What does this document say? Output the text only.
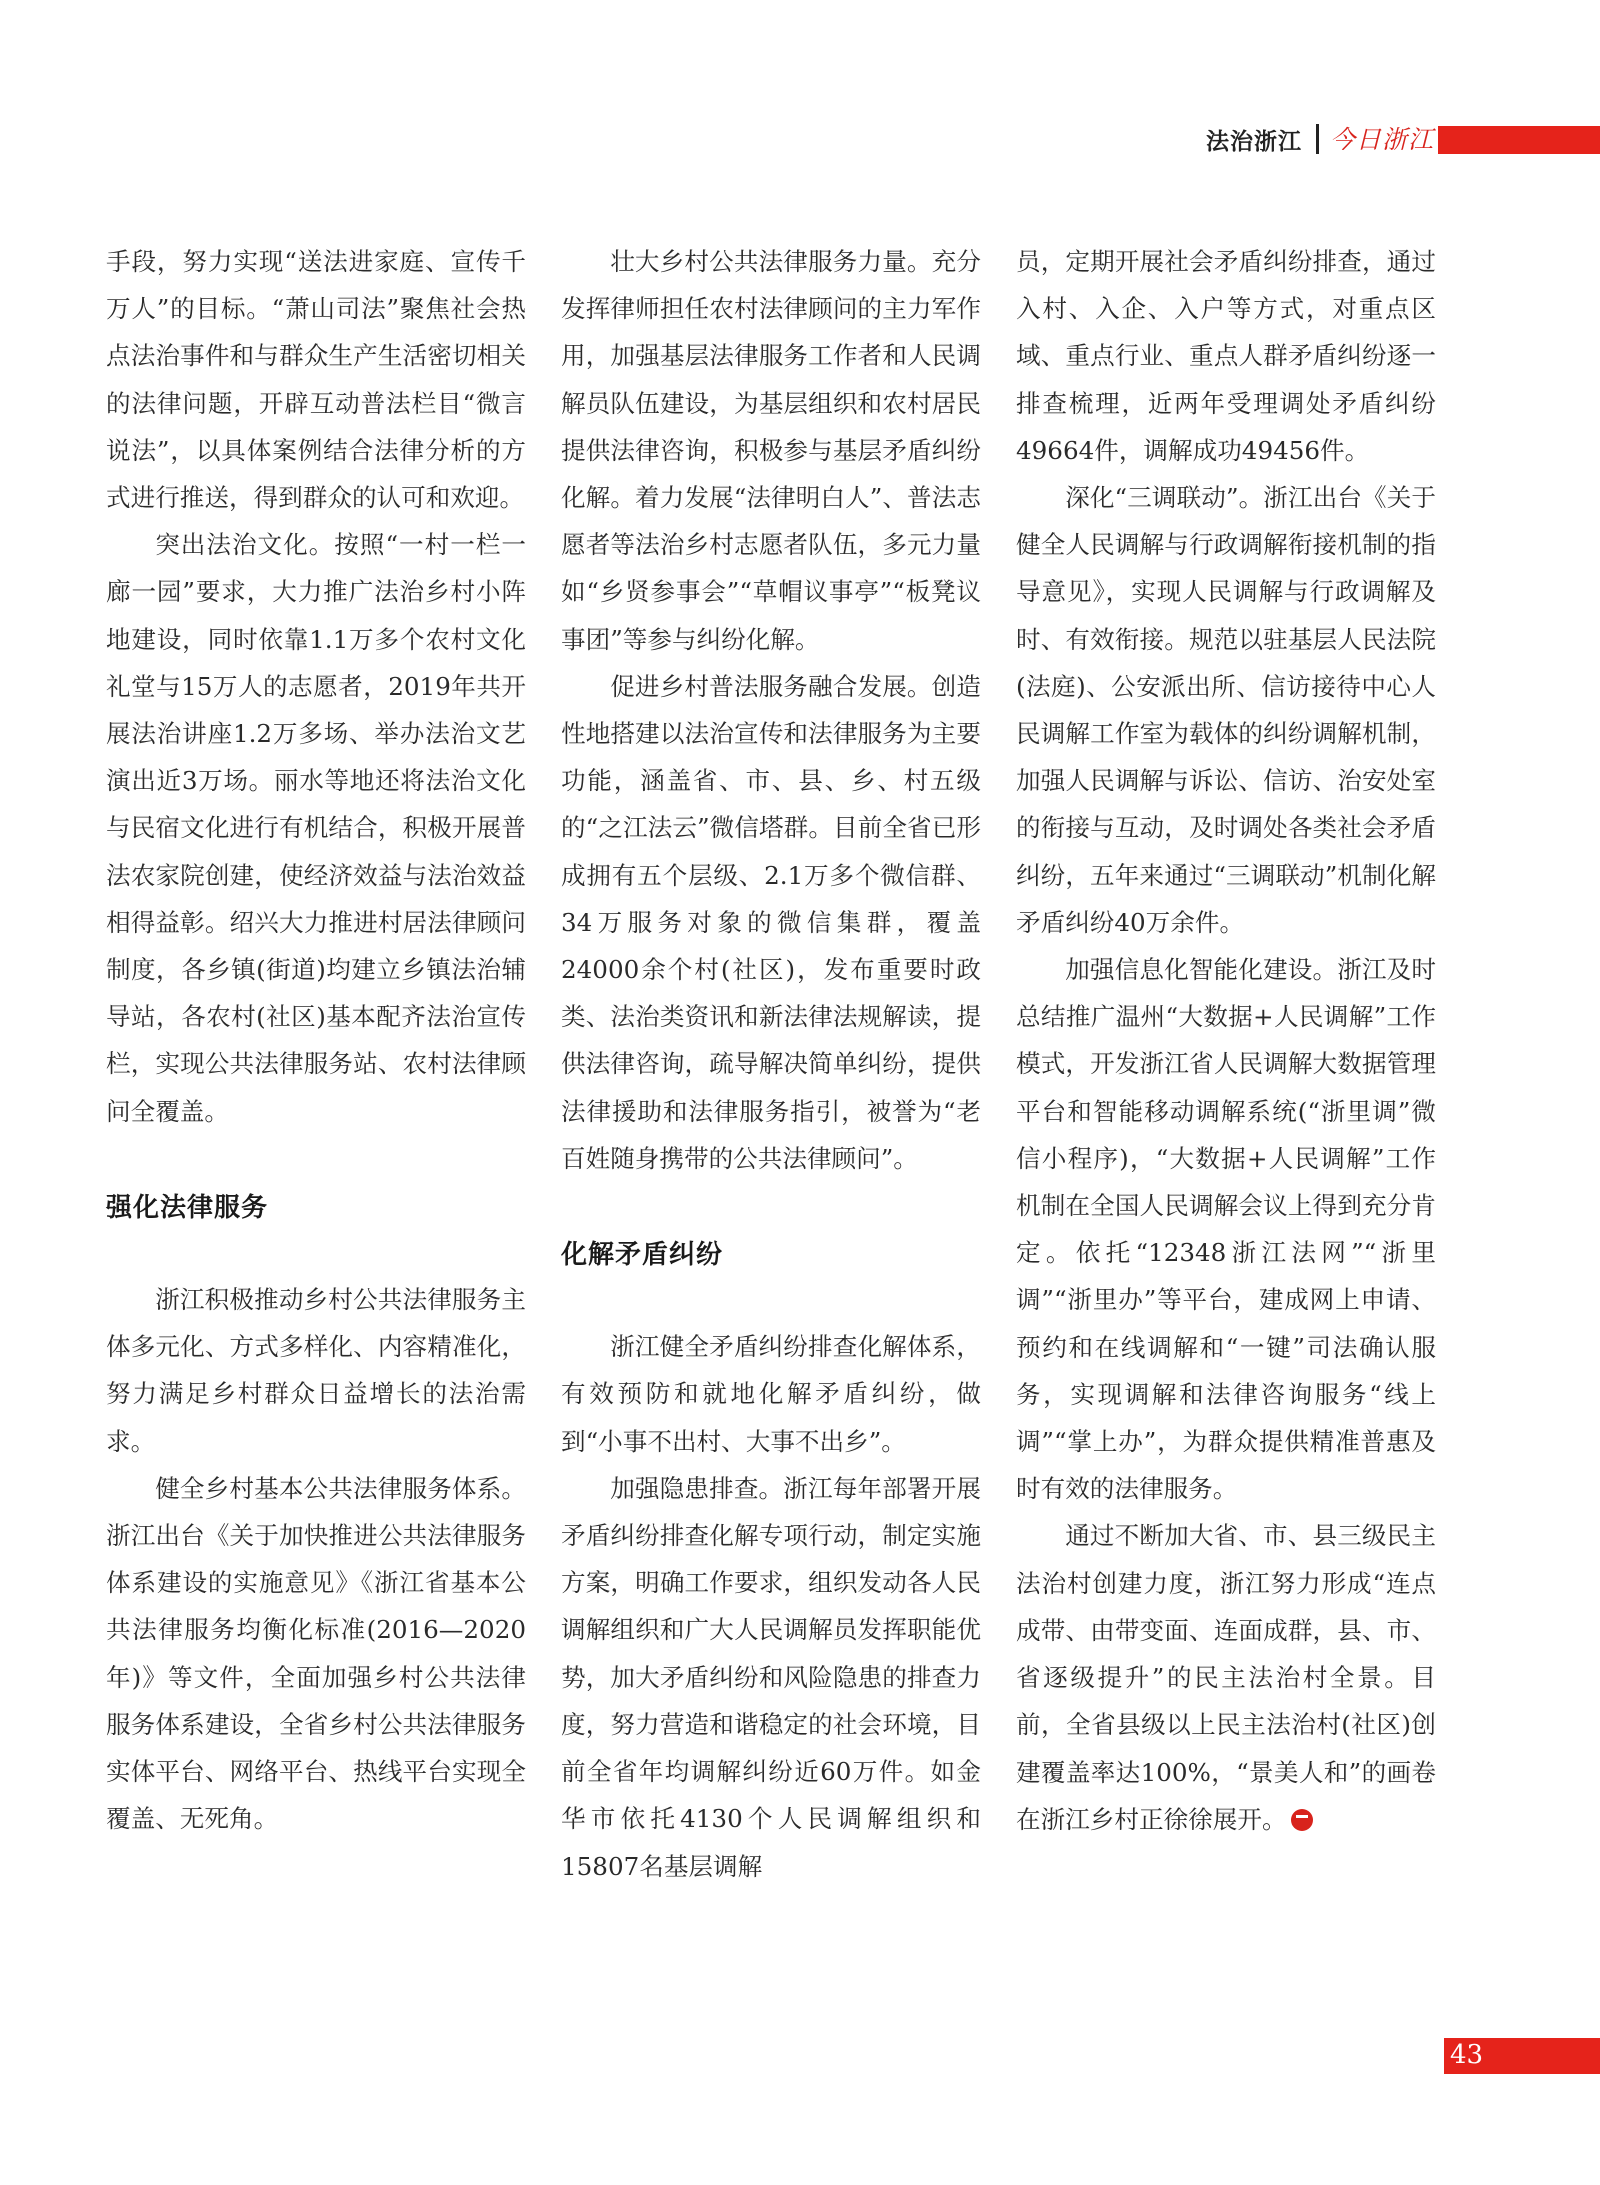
法治浙江 今日浙江

手段，努力实现“送法进家庭、宣传千万人”的目标。“萧山司法”聚焦社会热点法治事件和与群众生产生活密切相关的法律问题，开辟互动普法栏目“微言说法”，以具体案例结合法律分析的方式进行推送，得到群众的认可和欢迎。

突出法治文化。按照“一村一栏一廊一园”要求，大力推广法治乡村小阵地建设，同时依靠1.1万多个农村文化礼堂与15万人的志愿者，2019年共开展法治讲座1.2万多场、举办法治文艺演出近3万场。丽水等地还将法治文化与民宿文化进行有机结合，积极开展普法农家院创建，使经济效益与法治效益相得益彰。绍兴大力推进村居法律顾问制度，各乡镇(街道)均建立乡镇法治辅导站，各农村(社区)基本配齐法治宣传栏，实现公共法律服务站、农村法律顾问全覆盖。

强化法律服务

浙江积极推动乡村公共法律服务主体多元化、方式多样化、内容精准化，努力满足乡村群众日益增长的法治需求。

健全乡村基本公共法律服务体系。浙江出台《关于加快推进公共法律服务体系建设的实施意见》《浙江省基本公共法律服务均衡化标准(2016—2020年)》等文件，全面加强乡村公共法律服务体系建设，全省乡村公共法律服务实体平台、网络平台、热线平台实现全覆盖、无死角。

壮大乡村公共法律服务力量。充分发挥律师担任农村法律顾问的主力军作用，加强基层法律服务工作者和人民调解员队伍建设，为基层组织和农村居民提供法律咨询，积极参与基层矛盾纠纷化解。着力发展“法律明白人”、普法志愿者等法治乡村志愿者队伍，多元力量如“乡贤参事会”“草帽议事亭”“板凳议事团”等参与纠纷化解。

促进乡村普法服务融合发展。创造性地搭建以法治宣传和法律服务为主要功能，涵盖省、市、县、乡、村五级的“之江法云”微信塔群。目前全省已形成拥有五个层级、2.1万多个微信群、34万服务对象的微信集群，覆盖24000余个村(社区)，发布重要时政类、法治类资讯和新法律法规解读，提供法律咨询，疏导解决简单纠纷，提供法律援助和法律服务指引，被誉为“老百姓随身携带的公共法律顾问”。

化解矛盾纠纷

浙江健全矛盾纠纷排查化解体系，有效预防和就地化解矛盾纠纷，做到“小事不出村、大事不出乡”。

加强隐患排查。浙江每年部署开展矛盾纠纷排查化解专项行动，制定实施方案，明确工作要求，组织发动各人民调解组织和广大人民调解员发挥职能优势，加大矛盾纠纷和风险隐患的排查力度，努力营造和谐稳定的社会环境，目前全省年均调解纠纷近60万件。如金华市依托4130个人民调解组织和15807名基层调解

员，定期开展社会矛盾纠纷排查，通过入村、入企、入户等方式，对重点区域、重点行业、重点人群矛盾纠纷逐一排查梳理，近两年受理调处矛盾纠纷49664件，调解成功49456件。

深化“三调联动”。浙江出台《关于健全人民调解与行政调解衔接机制的指导意见》，实现人民调解与行政调解及时、有效衔接。规范以驻基层人民法院(法庭)、公安派出所、信访接待中心人民调解工作室为载体的纠纷调解机制，加强人民调解与诉讼、信访、治安处室的衔接与互动，及时调处各类社会矛盾纠纷，五年来通过“三调联动”机制化解矛盾纠纷40万余件。

加强信息化智能化建设。浙江及时总结推广温州“大数据+人民调解”工作模式，开发浙江省人民调解大数据管理平台和智能移动调解系统(“浙里调”微信小程序)，“大数据+人民调解”工作机制在全国人民调解会议上得到充分肯定。依托“12348浙江法网”“浙里调”“浙里办”等平台，建成网上申请、预约和在线调解和“一键”司法确认服务，实现调解和法律咨询服务“线上调”“掌上办”，为群众提供精准普惠及时有效的法律服务。

通过不断加大省、市、县三级民主法治村创建力度，浙江努力形成“连点成带、由带变面、连面成群，县、市、省逐级提升”的民主法治村全景。目前，全省县级以上民主法治村(社区)创建覆盖率达100%，“景美人和”的画卷在浙江乡村正徐徐展开。

43
